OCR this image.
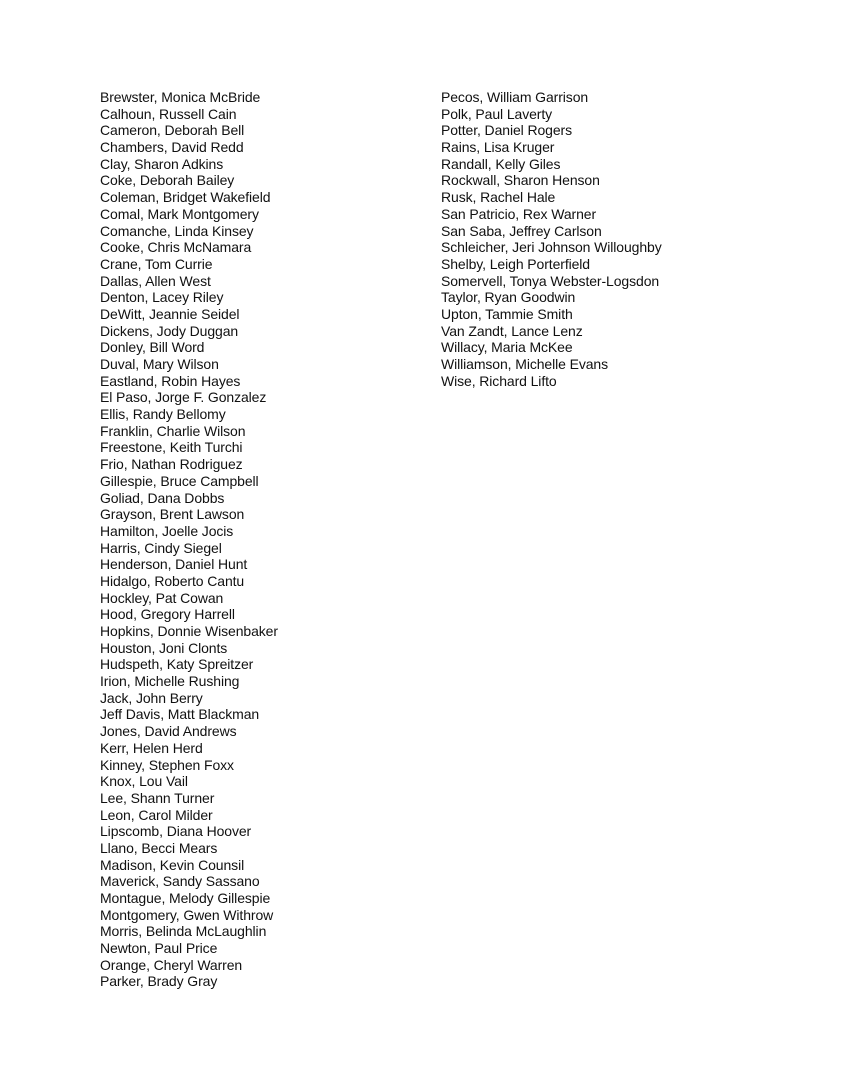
Brewster, Monica McBride
Calhoun, Russell Cain
Cameron, Deborah Bell
Chambers, David Redd
Clay, Sharon Adkins
Coke, Deborah Bailey
Coleman, Bridget Wakefield
Comal, Mark Montgomery
Comanche, Linda Kinsey
Cooke, Chris McNamara
Crane, Tom Currie
Dallas, Allen West
Denton, Lacey Riley
DeWitt, Jeannie Seidel
Dickens, Jody Duggan
Donley, Bill Word
Duval, Mary Wilson
Eastland, Robin Hayes
El Paso, Jorge F. Gonzalez
Ellis, Randy Bellomy
Franklin, Charlie Wilson
Freestone, Keith Turchi
Frio, Nathan Rodriguez
Gillespie, Bruce Campbell
Goliad, Dana Dobbs
Grayson, Brent Lawson
Hamilton, Joelle Jocis
Harris, Cindy Siegel
Henderson, Daniel Hunt
Hidalgo, Roberto Cantu
Hockley, Pat Cowan
Hood, Gregory Harrell
Hopkins, Donnie Wisenbaker
Houston, Joni Clonts
Hudspeth, Katy Spreitzer
Irion, Michelle Rushing
Jack, John Berry
Jeff Davis, Matt Blackman
Jones, David Andrews
Kerr, Helen Herd
Kinney, Stephen Foxx
Knox, Lou Vail
Lee, Shann Turner
Leon, Carol Milder
Lipscomb, Diana Hoover
Llano, Becci Mears
Madison, Kevin Counsil
Maverick, Sandy Sassano
Montague, Melody Gillespie
Montgomery, Gwen Withrow
Morris, Belinda McLaughlin
Newton, Paul Price
Orange, Cheryl Warren
Parker, Brady Gray
Pecos, William Garrison
Polk, Paul Laverty
Potter, Daniel Rogers
Rains, Lisa Kruger
Randall, Kelly Giles
Rockwall, Sharon Henson
Rusk, Rachel Hale
San Patricio, Rex Warner
San Saba, Jeffrey Carlson
Schleicher, Jeri Johnson Willoughby
Shelby, Leigh Porterfield
Somervell, Tonya Webster-Logsdon
Taylor, Ryan Goodwin
Upton, Tammie Smith
Van Zandt, Lance Lenz
Willacy, Maria McKee
Williamson, Michelle Evans
Wise, Richard Lifto
